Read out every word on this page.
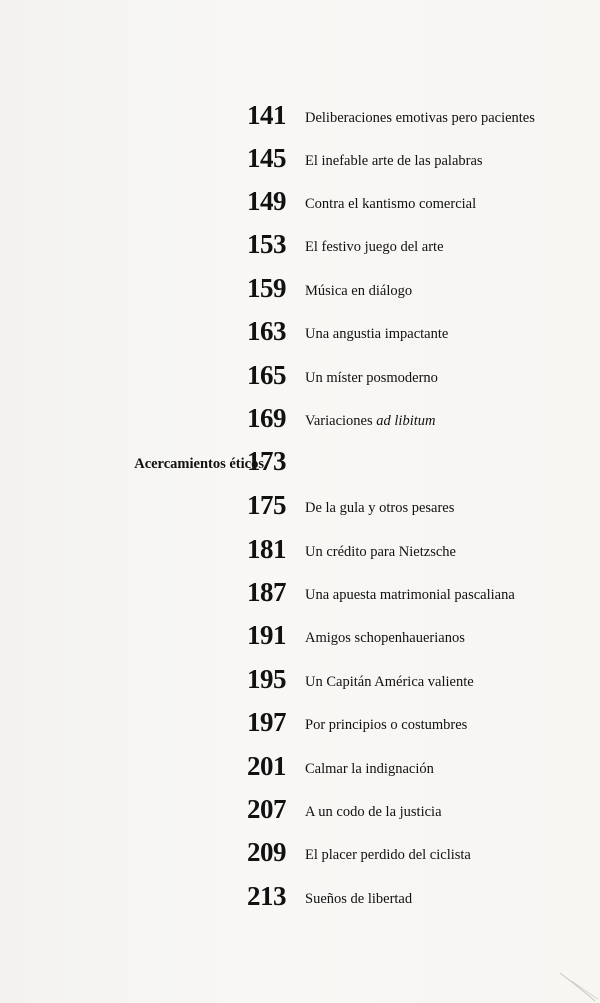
141 Deliberaciones emotivas pero pacientes
145 El inefable arte de las palabras
149 Contra el kantismo comercial
153 El festivo juego del arte
159 Música en diálogo
163 Una angustia impactante
165 Un míster posmoderno
169 Variaciones ad libitum
Acercamientos éticos
173
175 De la gula y otros pesares
181 Un crédito para Nietzsche
187 Una apuesta matrimonial pascaliana
191 Amigos schopenhauerianos
195 Un Capitán América valiente
197 Por principios o costumbres
201 Calmar la indignación
207 A un codo de la justicia
209 El placer perdido del ciclista
213 Sueños de libertad
